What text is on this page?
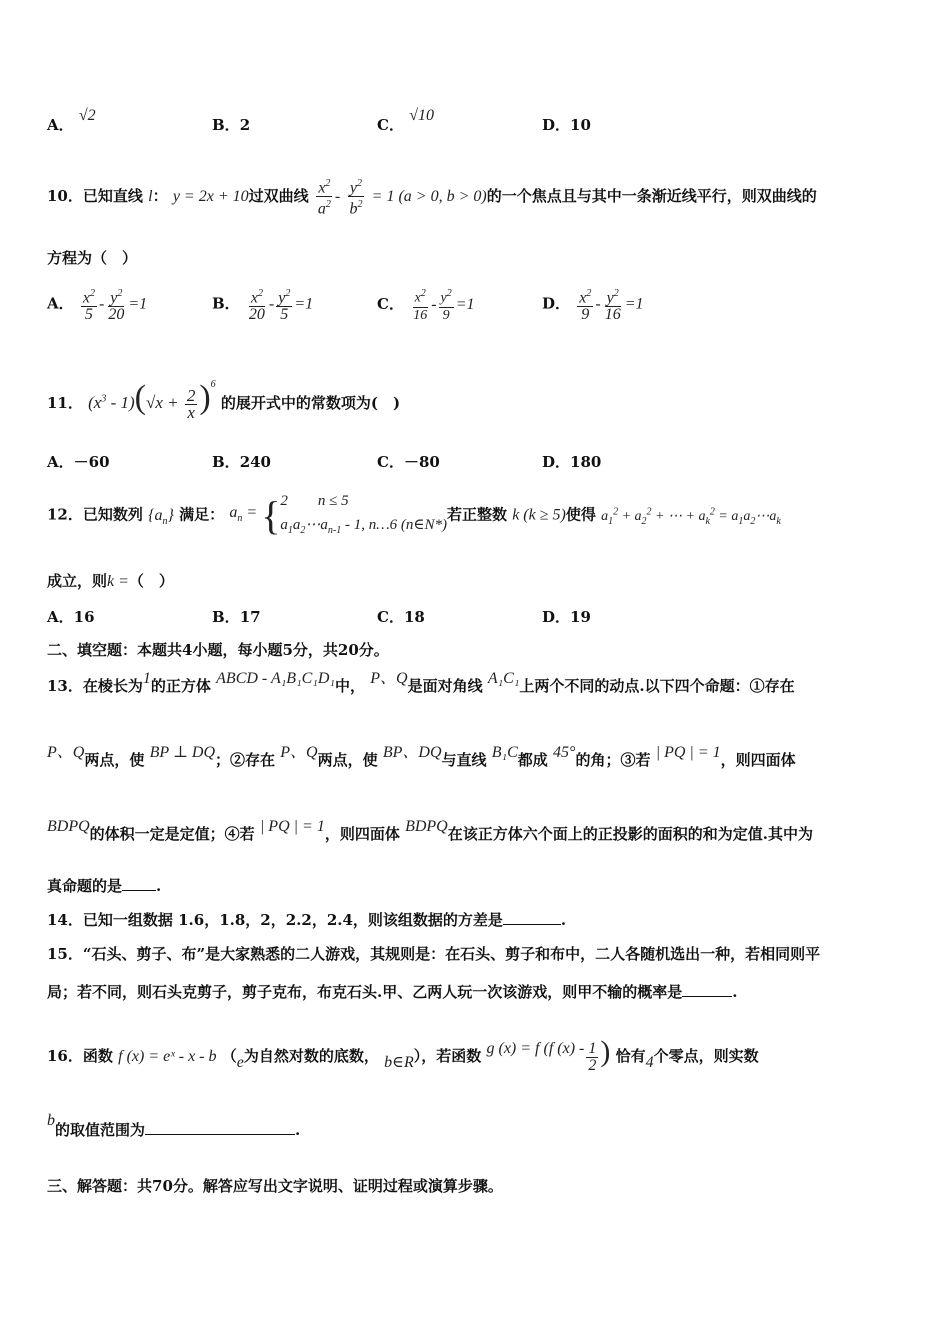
A． √2
B．2	C． √10
D．10
10．已知直线 l： y = 2x + 10过双曲线 $\frac{x^2}{a^2} - \frac{y^2}{b^2} = 1$ (a > 0, b > 0)的一个焦点且与其中一条渐近线平行，则双曲线的
方程为（　）
A． $\frac{x^2}{5} - \frac{y^2}{20} =1$	B． $\frac{x^2}{20} - \frac{y^2}{5} =1$	C． $\frac{x^2}{16} - \frac{y^2}{9} =1$	D． $\frac{x^2}{9} - \frac{y^2}{16} =1$
11． $(x^3 - 1)(√x + \frac{2}{x} )^6$ 的展开式中的常数项为(　)
A．－60	B．240	C．－80	D．180
12．已知数列 $\{a_n\}$ 满足： $a_n$ = { 2　　n ≤ 5
$a_1a_2\cdots a_{n-1} - 1$, n…6 (n∈N*)
若正整数 k (k ≥ 5)使得 $a_1^2 + a_2^2$ + ⋯ + $a_k^2$ = $a_1a_2\cdots a_k$
成立，则k =（　）
A．16	B．17	C．18	D．19
二、填空题：本题共4小题，每小题5分，共20分。
13．在棱长为1的正方体 ABCD - A₁B₁C₁D₁中， P、Q是面对角线 A₁C₁上两个不同的动点.以下四个命题：①存在
P、Q两点，使 BP ⊥ DQ；②存在 P、Q两点，使 BP、DQ与直线 B₁C都成 45°的角；③若 | PQ | = 1，则四面体
BDPQ的体积一定是定值；④若 | PQ | = 1，则四面体 BDPQ在该正方体六个面上的正投影的面积的和为定值.其中为
真命题的是 .
14．已知一组数据 1.6，1.8，2，2.2，2.4，则该组数据的方差是	.
15．“石头、剪子、布”是大家熟悉的二人游戏，其规则是：在石头、剪子和布中，二人各随机选出一种，若相同则平
局；若不同，则石头克剪子，剪子克布，布克石头.甲、乙两人玩一次该游戏，则甲不输的概率是	.
16．函数 f (x) = eˣ - x - b （e为自然对数的底数， b∈R），若函数 g (x) = f (f $(x) - \frac{1}{2}$ ) 恰有4个零点，则实数
b的取值范围为	.
三、解答题：共70分。解答应写出文字说明、证明过程或演算步骤。
